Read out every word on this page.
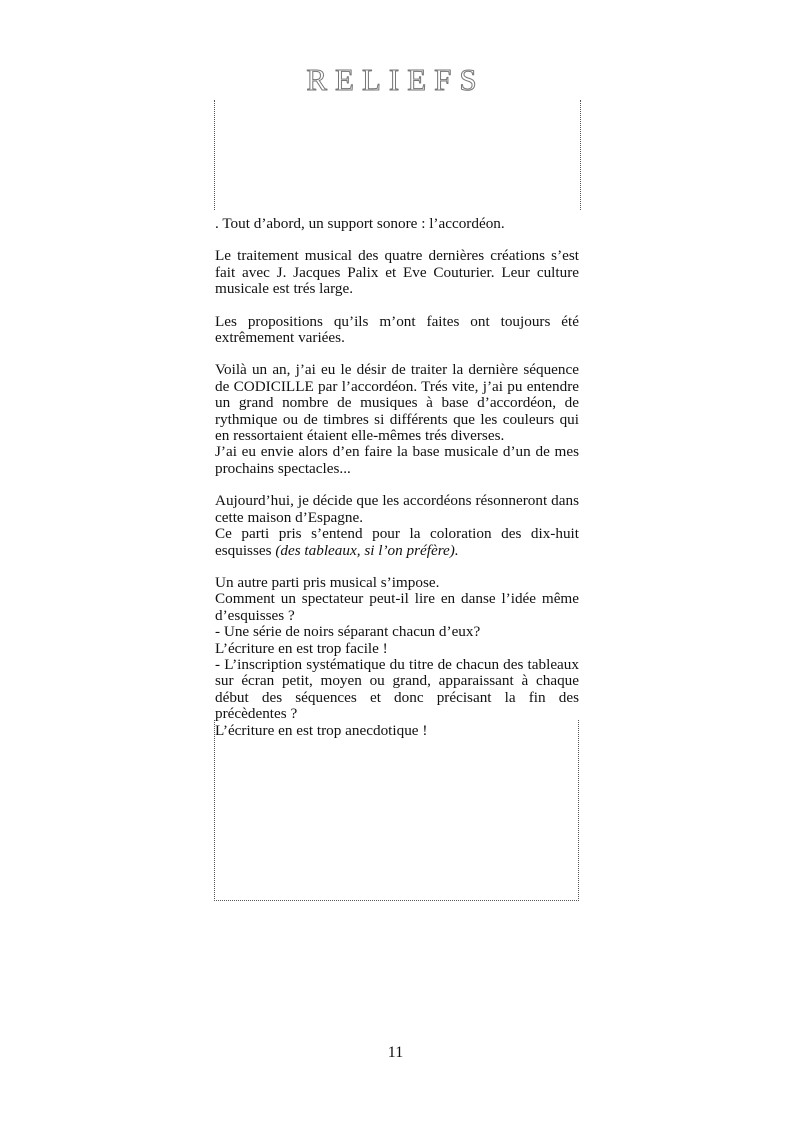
RELIEFS

. Tout d’abord, un support sonore : l’accordéon.

Le traitement musical des quatre dernières créations s’est fait avec J. Jacques Palix et Eve Couturier. Leur culture musicale est trés large.

Les propositions qu’ils m’ont faites ont toujours été extrêmement variées.

Voilà un an, j’ai eu le désir de traiter la dernière séquence de CODICILLE par l’accordéon. Trés vite, j’ai pu entendre un grand nombre de musiques à base d’accordéon, de rythmique ou de timbres si différents que les couleurs qui en ressortaient étaient elle-mêmes trés diverses.
J’ai eu envie alors d’en faire la base musicale d’un de mes prochains spectacles...

Aujourd’hui, je décide que les accordéons résonneront dans cette maison d’Espagne.
Ce parti pris s’entend pour la coloration des dix-huit esquisses (des tableaux, si l’on préfère).

Un autre parti pris musical s’impose.
Comment un spectateur peut-il lire en danse l’idée même d’esquisses ?
- Une série de noirs séparant chacun d’eux?
L’écriture en est trop facile !
- L’inscription systématique du titre de chacun des tableaux sur écran petit, moyen ou grand, apparaissant à chaque début des séquences et donc précisant la fin des précèdentes ?
L’écriture en est trop anecdotique !

11
